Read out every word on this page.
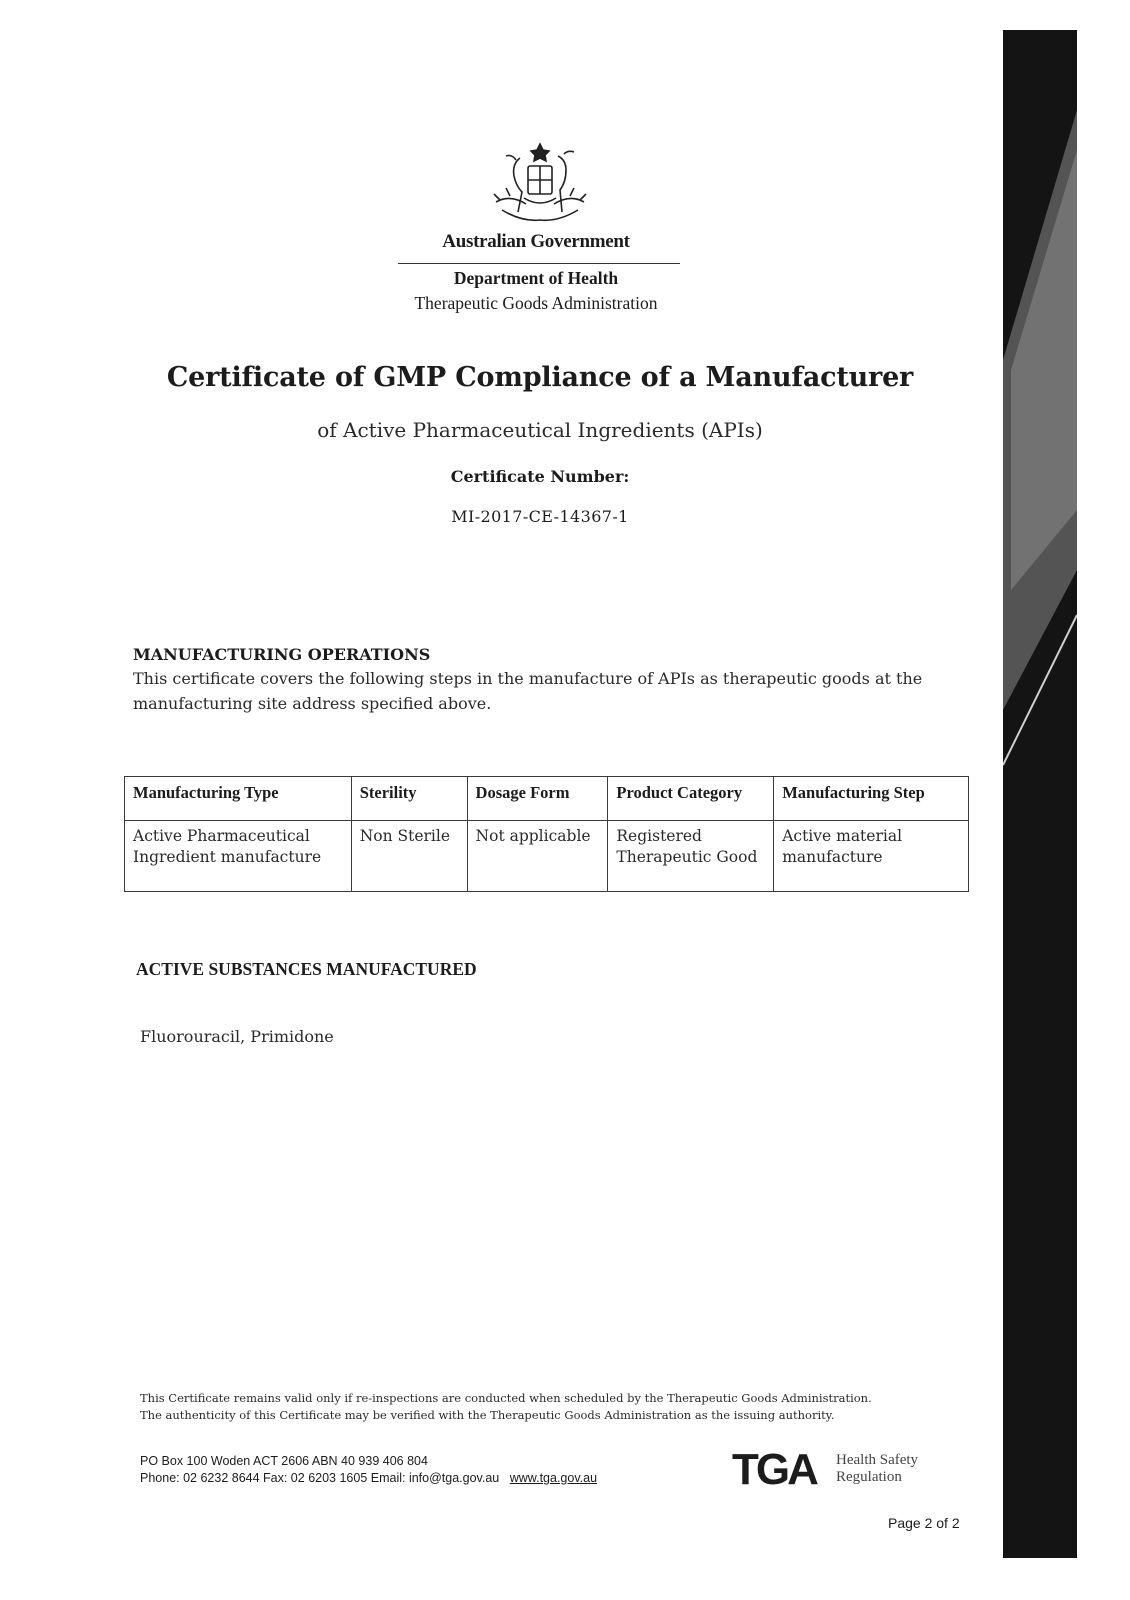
Australian Government
Department of Health
Therapeutic Goods Administration
Certificate of GMP Compliance of a Manufacturer
of Active Pharmaceutical Ingredients (APIs)
Certificate Number:
MI-2017-CE-14367-1
MANUFACTURING OPERATIONS
This certificate covers the following steps in the manufacture of APIs as therapeutic goods at the manufacturing site address specified above.
Manufacturing Type	Sterility	Dosage Form	Product Category	Manufacturing Step
Active Pharmaceutical Ingredient manufacture	Non Sterile	Not applicable	Registered Therapeutic Good	Active material manufacture
ACTIVE SUBSTANCES MANUFACTURED
Fluorouracil, Primidone
This Certificate remains valid only if re-inspections are conducted when scheduled by the Therapeutic Goods Administration.
The authenticity of this Certificate may be verified with the Therapeutic Goods Administration as the issuing authority.
PO Box 100 Woden ACT 2606 ABN 40 939 406 804
Phone: 02 6232 8644 Fax: 02 6203 1605 Email: info@tga.gov.au www.tga.gov.au	TGA Health Safety
Regulation
Page 2 of 2
